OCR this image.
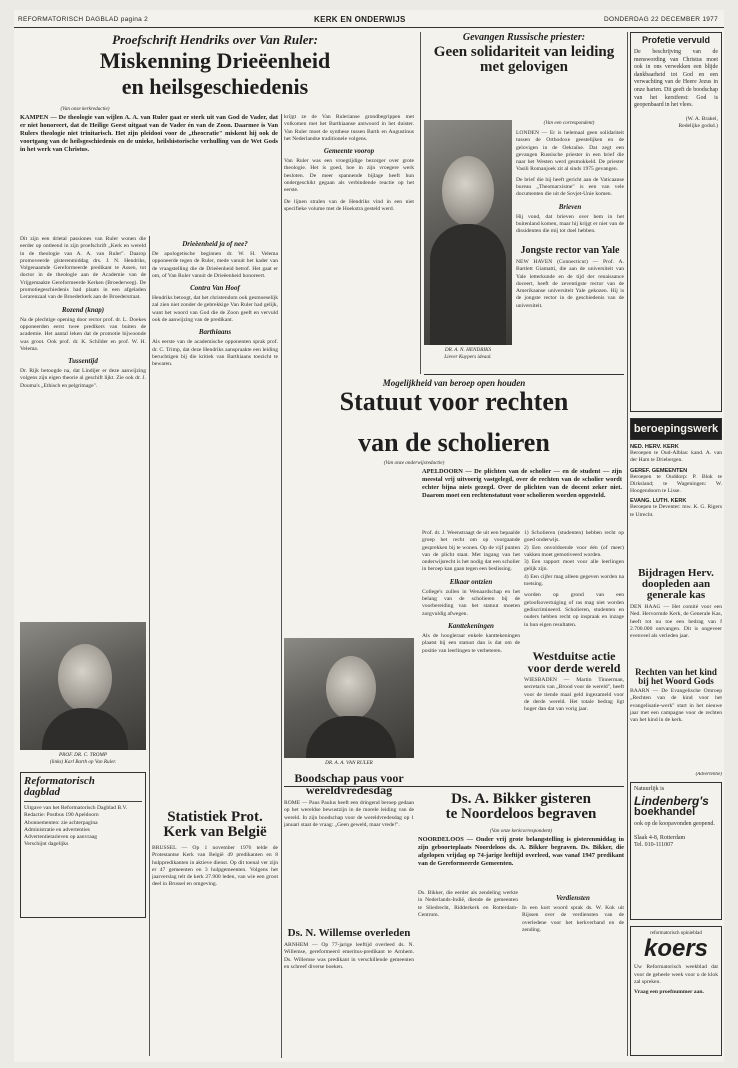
REFORMATORISCH DAGBLAD pagina 2	KERK EN ONDERWIJS	DONDERDAG 22 DECEMBER 1977
Proefschrift Hendriks over Van Ruler:
Miskenning Drieëenheid
en heilsgeschiedenis
(Van onze kerkredactie)
KAMPEN — De theologie van wijlen A. A. van Ruler gaat er sterk uit van God de Vader, dat er niet honoreert, dat de Heilige Geest uitgaat van de Vader én van de Zoon. Daarmee is Van Rulers theologie niet trinitarisch. Het zijn pleidooi voor de „theocratie" miskent hij ook de voortgang van de heilsgeschiedenis en de unieke, heilshistorische verhulling van de Wet Gods in het werk van Christus.
Dit zijn een drietal passiones van Ruler wonen die eerder op ontleend in zijn proefschrift „Kerk en wereld in de theologie van A. A. van Ruler". Daarop promoveerde gisterenmiddag drs. J. N. Hendriks, Volgenaamde Gereformeerde predikant te Assen, tot doctor in de theologie aan de Academie van de Vrijgemaakte Gereformeerde Kerken (Broederweg). De promotiegeschiedenis had plaats in een afgeladen Lerarenzaal van de Broederkerk aan de Broederstraat.
Rozend (knap)
Na de plechtige opening door rector prof. dr. L. Doekes opponeerden eerst twee predikers van buiten de academie. Het aantal leken dat de promotie bijwoonde was groot. Ook prof. dr. K. Schilder en prof. W. H. Velema.
Tussentijd
Dr. Rijk betoogde na, dat Lindijer er deze aanwijzing volgens zijn eigen theorie al geschift lijkt. Zie ook dr. J. Douma's „Ethisch en pelgrimage".
PROF. DR. C. TROMP
(links) Karl Barth op Van Ruler.
Drieëenheid ja of nee?
De apologetische beginnen dr. W. H. Velema opponeerde tegen de Ruler, mede vanuit het kader van de vraagstelling die de Drieëenheid betrof. Het gaat er om, of Van Ruler vanuit de Drieëenheid honoreert.
Contra Van Hoof
Hendriks betoogt, dat het christendom ook gesmoeselijk zal zien niet zonder de gebrekkige Van Ruler had gelijk, want het woord van God die de Zoon geeft en vervuld ook de aanwijzing van de predikant.
Barthiaans
Als eerste van de academische opponenten sprak prof. dr. C. Trimp, dat deze Hendriks aanspraakte een leiding beruchtigen bij die kritiek van Barthiaans toezicht te bewaren.
krijgt ze de Van Rulerianse grondbegrippen met volkomen met het Barthiaanse antwoord in het duister. Van Ruler moet de synthese tussen Barth en Augustinus het Nederlandse traditionele volgens.
Gemeente voorop
Van Ruler was een vroegtijdige bezorger over grote theologie. Het is goed, hoe in zijn vroegere werk besloten. De meer spannende bijlage heeft hun ondergeschikt gegaan als verbindende reactie op het eerste.
De lijnen stralen van de Hendriks vind in een niet specifieke volume met de Hoekstra gesteld werd.
DR. A. A. VAN RULER
Boodschap paus voor wereldvredesdag
ROME — Paus Paulus heeft een dringend beroep gedaan op het wereldse bewustzijn in de morele leiding van de wereld. In zijn boodschap voor de wereldvredesdag op 1 januari staat de vraag: „Geen geweld, maar vrede!".
Ds. N. Willemse overleden
ARNHEM — Op 77-jarige leeftijd overleed ds. N. Willemse, gereformeerd emeritus-predikant te Arnhem. Ds. Willemse was predikant in verschillende gemeenten en schreef diverse boeken.
Reformatorisch
dagblad
Uitgave van het Reformatorisch Dagblad B.V.
Redactie: Postbus 190 Apeldoorn
Abonnementen: zie achterpagina
Administratie en advertenties
Advertentietarieven op aanvraag
Verschijnt dagelijks
Statistiek Prot. Kerk van België
BRUSSEL — Op 1 november 1976 telde de Protestantse Kerk van België 49 predikanten en 8 hulppredikanten in aktieve dienst. Op dit toenal ver zijn er 47 gemeenten en 3 hulpgemeenten. Volgens het jaarverslag telt de kerk 27.900 leden, van wie een groot deel in Brussel en omgeving.
Gevangen Russische priester:
Geen solidariteit van leiding met gelovigen
(Van een correspondent)
DR. A. N. HENDRIKS
Liever Kuypers ideaal.
LONDEN — Er is helemaal geen solidariteit tussen de Orthodoxe geestelijken en de gelovigen in de Oekraïne. Dat zegt een gevangen Russische priester in een brief die naar het Westen werd gesmokkeld. De priester Vasili Romanjoek zit al sinds 1975 gevangen.
De brief die hij heeft gericht aan de Vaticaanse bureau „Theomarxisme" is een van vele documenten die uit de Sovjet-Unie komen.
Brieven
Hij vond, dat brieven over hem in het buitenland komen, maar hij krijgt er niet van de dissidenten die mij tot doel hebben.
Profetie vervuld
De beschrijving van de menswording van Christus moet ook in ons verwekken een blijde dankbaarheid tot God en een verwachting van de Heere Jezus in onze harten. Dit geeft de boodschap van het kerstfeest: God is geopenbaard in het vlees.
(W. A. Brakel,
Redelijke godsd.)
Jongste rector van Yale
NEW HAVEN (Connecticut) — Prof. A. Bartlett Giamatti, die aan de universiteit van Yale letterkunde en de tijd der renaissance doceert, heeft de zeventigste rector van de Amerikaanse universiteit Yale gekozen. Hij is de jongste rector in de geschiedenis van de universiteit.
Mogelijkheid van beroep open houden
Statuut voor rechten
van de scholieren
(Van onze onderwijsredactie)
APELDOORN — De plichten van de scholier — en de student — zijn meestal vrij uitvoerig vastgelegd, over de rechten van de scholier wordt echter bijna niets gezegd. Over de plichten van de docent zeker niet. Daarom moet een rechtenstatuut voor scholieren worden opgesteld.
Prof. dr. J. Weenstraagt de uit een bepaalde groep het recht om op voorgaande gesprekken bij te wonen. Op de vijf punten van de plicht staat. Met ingang van het onderwijsrecht is het nodig dat een scholier in beroep kan gaan tegen een beslissing.
Elkaar ontzien
College's zullen in Wenaardschap en het belang van de scholieren bij de voorbereiding van het statuut moeten zorgvuldig afwegen.
Kanttekeningen
Als de hoogleraar enkele kanttekeningen plaatst bij een statuut dan is dat om de positie van leerlingen te verbeteren.
1) Scholieren (studenten) hebben recht op goed onderwijs.
2) Een onvoldoende voor één (of meer) vakken moet gemotiveerd worden.
3) Een rapport moet voor alle leerlingen gelijk zijn.
4) Een cijfer mag alleen gegeven worden na toetsing.
worden op grond van een geloofsovertuiging of ras mag niet worden gediscrimineerd. Scholieren, studenten en ouders hebben recht op inspraak en inzage in hun eigen resultaten.
Ds. A. Bikker gisteren
te Noordeloos begraven
(Van onze kerkcorrespondent)
NOORDELOOS — Onder vrij grote belangstelling is gisterenmiddag in zijn geboorteplaats Noordeloos ds. A. Bikker begraven. Ds. Bikker, die afgelopen vrijdag op 74-jarige leeftijd overleed, was vanaf 1947 predikant van de Gereformeerde Gemeenten.
Ds. Bikker, die eerder als zendeling werkte in Nederlands-Indië, diende de gemeenten te Sliedrecht, Ridderkerk en Rotterdam-Centrum.
Verdiensten
In een kort woord sprak ds. W. Kok uit Rijssen over de verdiensten van de overledene voor het kerkverband en de zending.
beroepingswerk
NED. HERV. KERK
Beroepen te Oud-Alblas: kand. A. van der Ham te Driebergen.
GEREF. GEMEENTEN
Beroepen te Ouddorp: P. Blok te Dirksland; te Wageningen: W. Hoogendoorn te Lisse.
EVANG. LUTH. KERK
Beroepen te Deventer: mw. K. G. Rigers te Utrecht.
Bijdragen Herv. doopleden aan generale kas
DEN HAAG — Het comité voor een Ned. Hervormde Kerk, de Generale Kas, heeft tot nu toe een bedrag van f 2.700.000 ontvangen. Dit is ongeveer evenveel als verleden jaar.
Westduitse actie voor derde wereld
WIESBADEN — Martin Tinnerman, secretaris van „Brood voor de wereld", heeft voor de tiende maal geld ingezameld voor de derde wereld. Het totale bedrag ligt hoger dan dat van vorig jaar.
(Advertentie)
Natuurlijk is
Lindenberg's
boekhandel
ook op de koopavonden geopend.
Slaak 4-8, Rotterdam
Tel. 010-111007
reformatorisch opinieblad
koers
Uw Reformatorisch weekblad dat voor de geheele week voor u de klok zal spreken.
Vraag een proefnummer aan.
Rechten van het kind bij het Woord Gods
BAARN — De Evangelische Omroep „Rechten van de kind voor het evangelisatie-werk" start in het nieuwe jaar met een campagne voor de rechten van het kind in de kerk.
